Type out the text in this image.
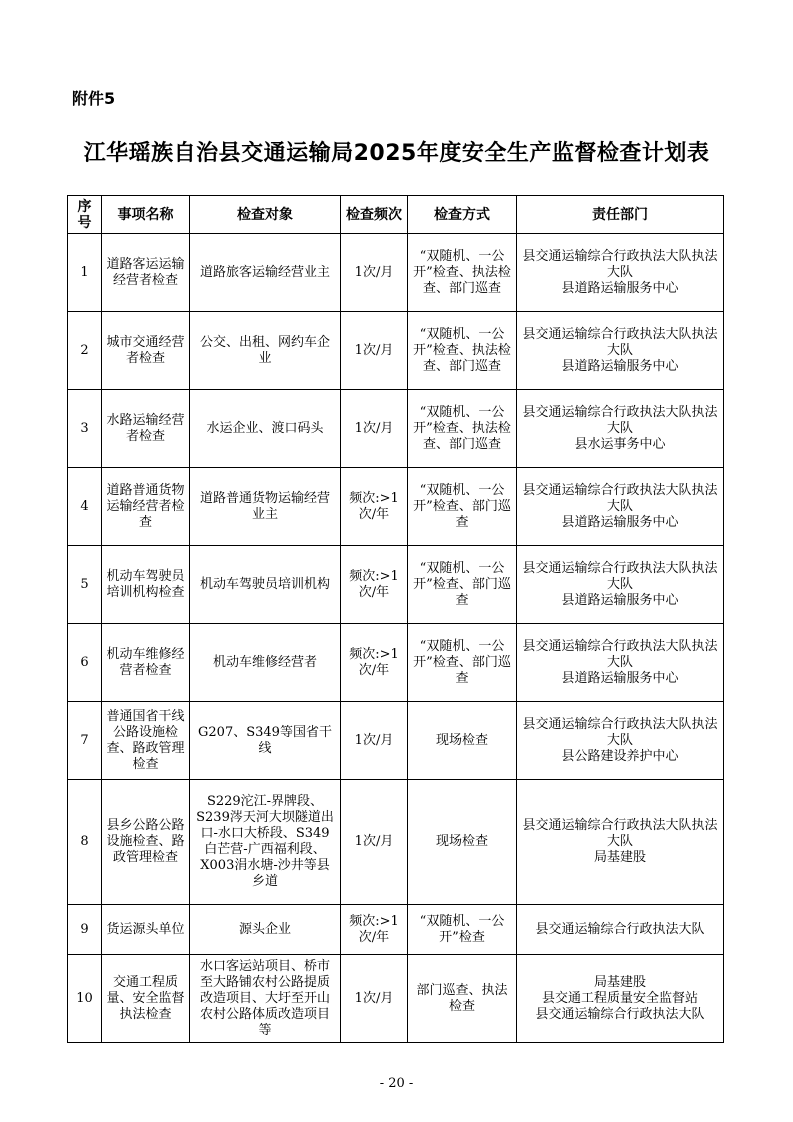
附件5
江华瑶族自治县交通运输局2025年度安全生产监督检查计划表
序号	事项名称	检查对象	检查频次	检查方式	责任部门
1	道路客运运输经营者检查	道路旅客运输经营业主	1次/月	“双随机、一公开”检查、执法检查、部门巡查	县交通运输综合行政执法大队执法大队
县道路运输服务中心

2	城市交通经营者检查	公交、出租、网约车企业	1次/月	“双随机、一公开”检查、执法检查、部门巡查	县交通运输综合行政执法大队执法大队
县道路运输服务中心

3	水路运输经营者检查	水运企业、渡口码头	1次/月	“双随机、一公开”检查、执法检查、部门巡查	县交通运输综合行政执法大队执法大队
县水运事务中心

4	道路普通货物运输经营者检查	道路普通货物运输经营业主	频次:>1次/年	“双随机、一公开”检查、部门巡查	县交通运输综合行政执法大队执法大队
县道路运输服务中心

5	机动车驾驶员培训机构检查	机动车驾驶员培训机构	频次:>1次/年	“双随机、一公开”检查、部门巡查	县交通运输综合行政执法大队执法大队
县道路运输服务中心

6	机动车维修经营者检查	机动车维修经营者	频次:>1次/年	“双随机、一公开”检查、部门巡查	县交通运输综合行政执法大队执法大队
县道路运输服务中心

7	普通国省干线公路设施检查、路政管理检查	G207、S349等国省干线	1次/月	现场检查	县交通运输综合行政执法大队执法大队
县公路建设养护中心

8	县乡公路公路设施检查、路政管理检查	S229沱江-界牌段、S239涔天河大坝隧道出口-水口大桥段、S349白芒营-广西福利段、X003涓水塘-沙井等县乡道	1次/月	现场检查	县交通运输综合行政执法大队执法大队
局基建股

9	货运源头单位	源头企业	频次:>1次/年	“双随机、一公开”检查	县交通运输综合行政执法大队

10	交通工程质量、安全监督执法检查	水口客运站项目、桥市至大路铺农村公路提质改造项目、大圩至开山农村公路体质改造项目等	1次/月	部门巡查、执法检查	局基建股
县交通工程质量安全监督站
县交通运输综合行政执法大队
- 20 -
